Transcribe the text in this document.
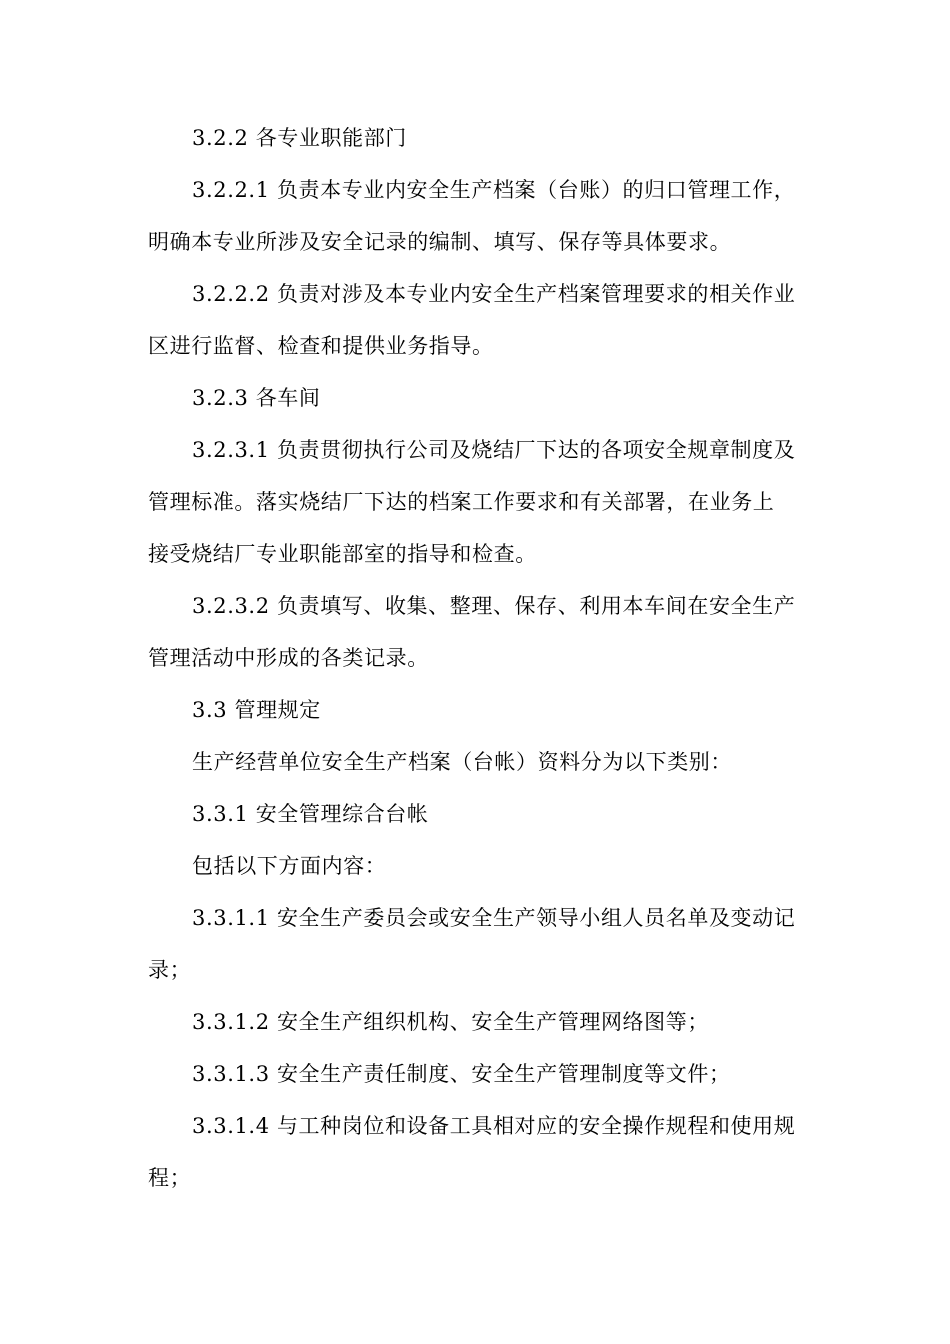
3.2.2 各专业职能部门
3.2.2.1 负责本专业内安全生产档案（台账）的归口管理工作，
明确本专业所涉及安全记录的编制、填写、保存等具体要求。
3.2.2.2 负责对涉及本专业内安全生产档案管理要求的相关作业
区进行监督、检查和提供业务指导。
3.2.3 各车间
3.2.3.1 负责贯彻执行公司及烧结厂下达的各项安全规章制度及
管理标准。落实烧结厂下达的档案工作要求和有关部署，在业务上
接受烧结厂专业职能部室的指导和检查。
3.2.3.2 负责填写、收集、整理、保存、利用本车间在安全生产
管理活动中形成的各类记录。
3.3 管理规定
生产经营单位安全生产档案（台帐）资料分为以下类别：
3.3.1 安全管理综合台帐
包括以下方面内容：
3.3.1.1 安全生产委员会或安全生产领导小组人员名单及变动记
录；
3.3.1.2 安全生产组织机构、安全生产管理网络图等；
3.3.1.3 安全生产责任制度、安全生产管理制度等文件；
3.3.1.4 与工种岗位和设备工具相对应的安全操作规程和使用规
程；
